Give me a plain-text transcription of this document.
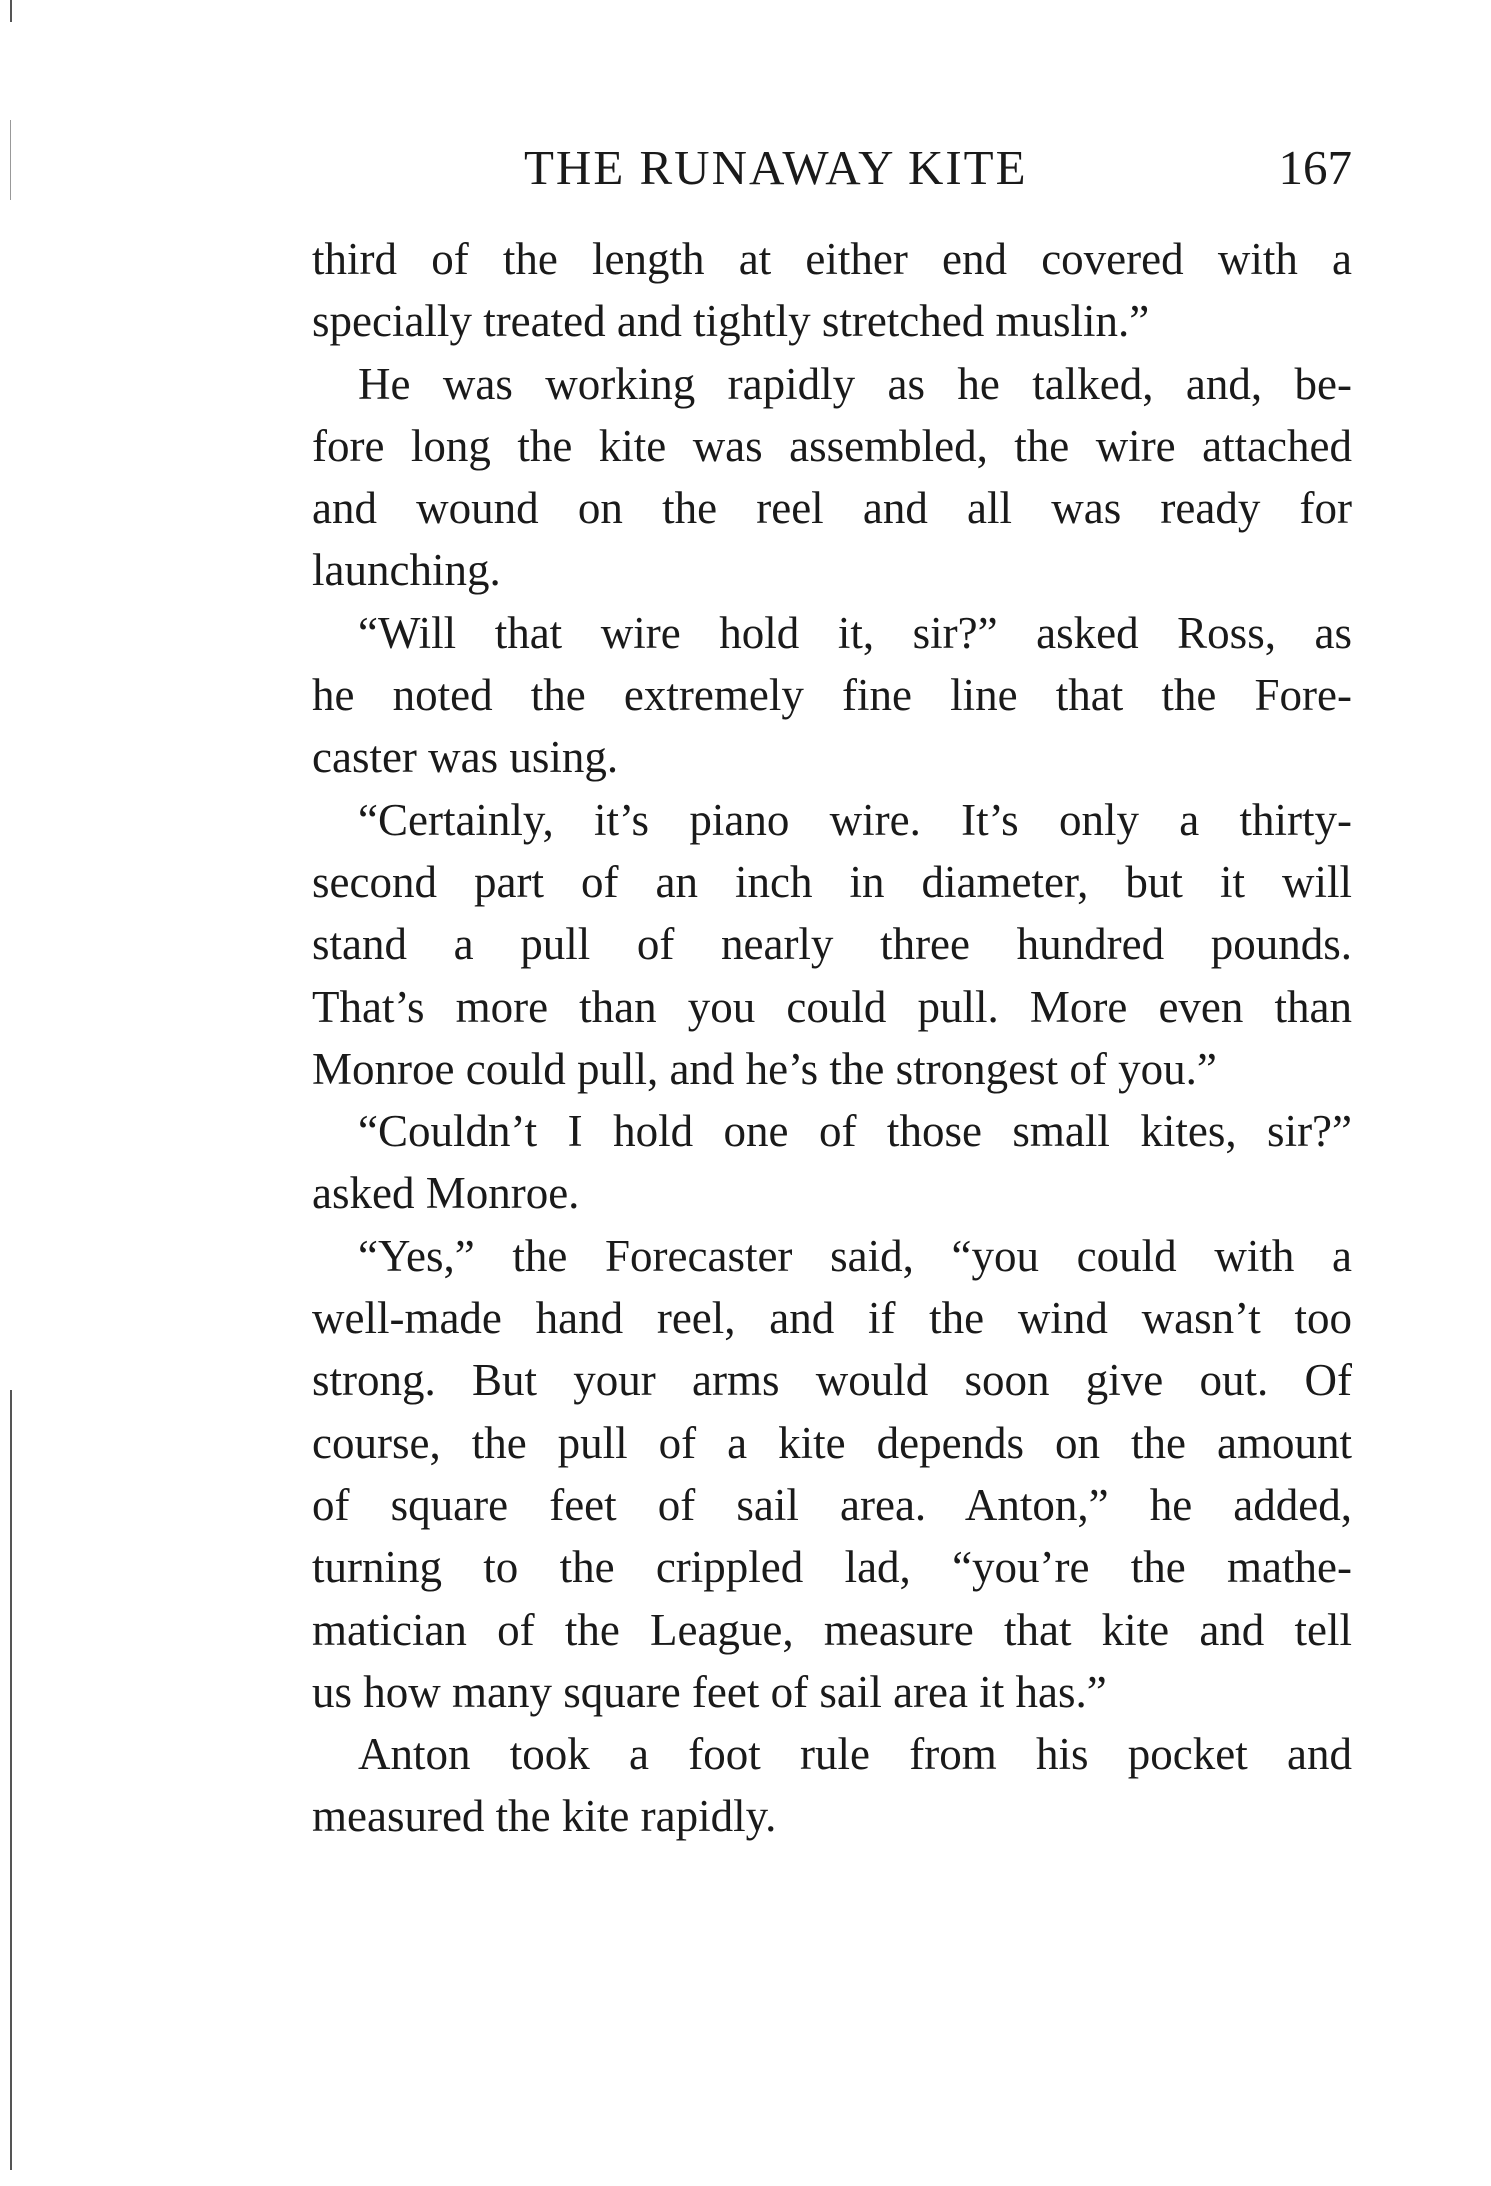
THE RUNAWAY KITE	167
third of the length at either end covered with a
specially treated and tightly stretched muslin.”
He was working rapidly as he talked, and, be-
fore long the kite was assembled, the wire attached
and wound on the reel and all was ready for
launching.
“Will that wire hold it, sir?” asked Ross, as
he noted the extremely fine line that the Fore-
caster was using.
“Certainly, it’s piano wire. It’s only a thirty-
second part of an inch in diameter, but it will
stand a pull of nearly three hundred pounds.
That’s more than you could pull. More even than
Monroe could pull, and he’s the strongest of you.”
“Couldn’t I hold one of those small kites, sir?”
asked Monroe.
“Yes,” the Forecaster said, “you could with a
well-made hand reel, and if the wind wasn’t too
strong. But your arms would soon give out. Of
course, the pull of a kite depends on the amount
of square feet of sail area. Anton,” he added,
turning to the crippled lad, “you’re the mathe-
matician of the League, measure that kite and tell
us how many square feet of sail area it has.”
Anton took a foot rule from his pocket and
measured the kite rapidly.
